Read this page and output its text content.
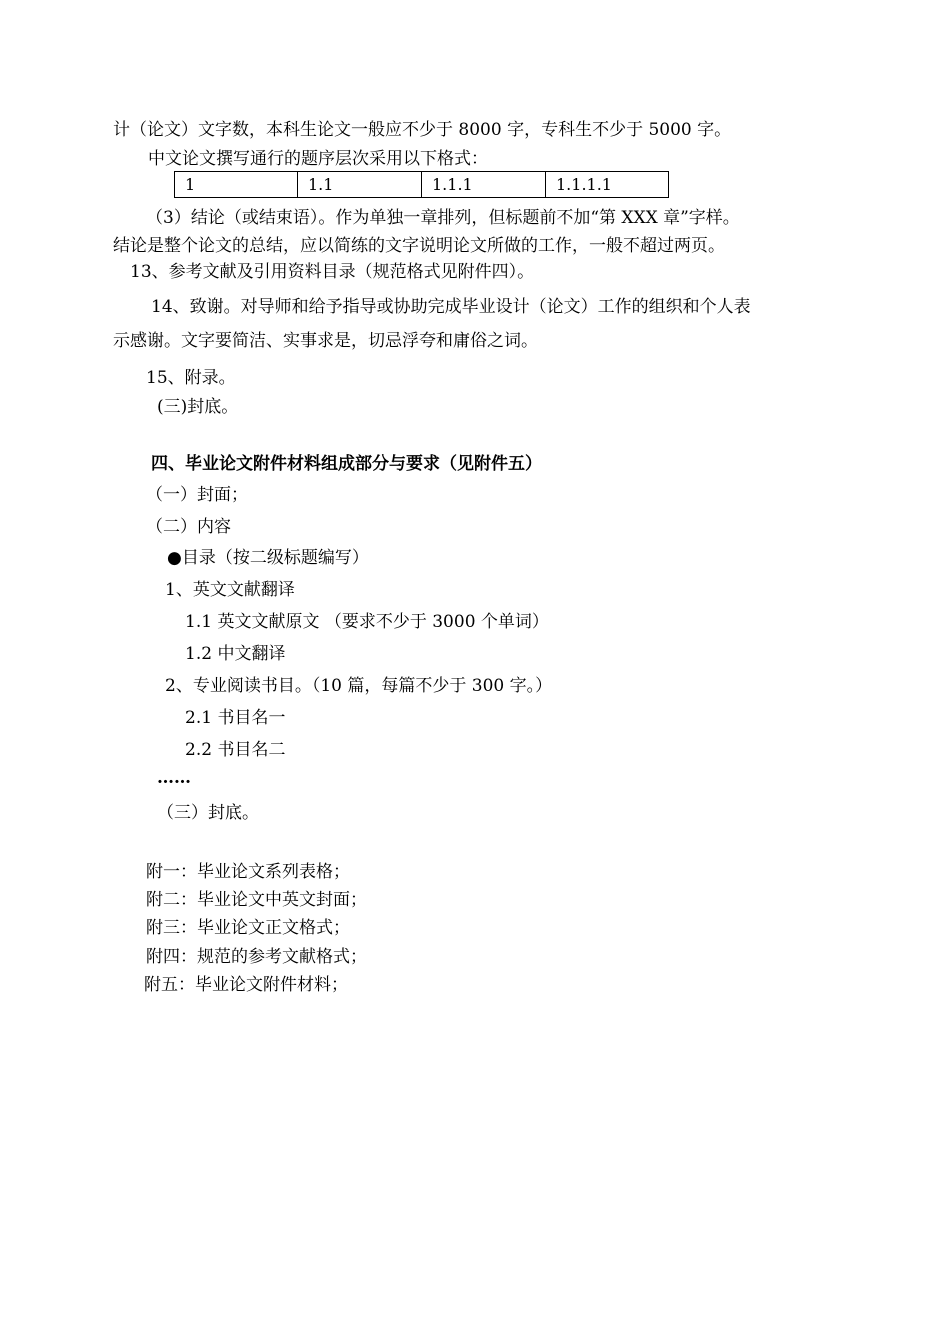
计（论文）文字数，本科生论文一般应不少于 8000 字，专科生不少于 5000 字。
中文论文撰写通行的题序层次采用以下格式：
1	1.1	1.1.1	1.1.1.1
（3）结论（或结束语）。作为单独一章排列，但标题前不加“第 XXX 章”字样。
结论是整个论文的总结，应以简练的文字说明论文所做的工作，一般不超过两页。
13、参考文献及引用资料目录（规范格式见附件四）。
14、致谢。对导师和给予指导或协助完成毕业设计（论文）工作的组织和个人表
示感谢。文字要简洁、实事求是，切忌浮夸和庸俗之词。
15、附录。
(三)封底。
四、毕业论文附件材料组成部分与要求（见附件五）
（一）封面；
（二）内容
●目录（按二级标题编写）
1、英文文献翻译
1.1 英文文献原文 （要求不少于 3000 个单词）
1.2 中文翻译
2、专业阅读书目。（10 篇，每篇不少于 300 字。）
2.1 书目名一
2.2 书目名二
……
（三）封底。
附一：毕业论文系列表格；
附二：毕业论文中英文封面；
附三：毕业论文正文格式；
附四：规范的参考文献格式；
附五：毕业论文附件材料；
